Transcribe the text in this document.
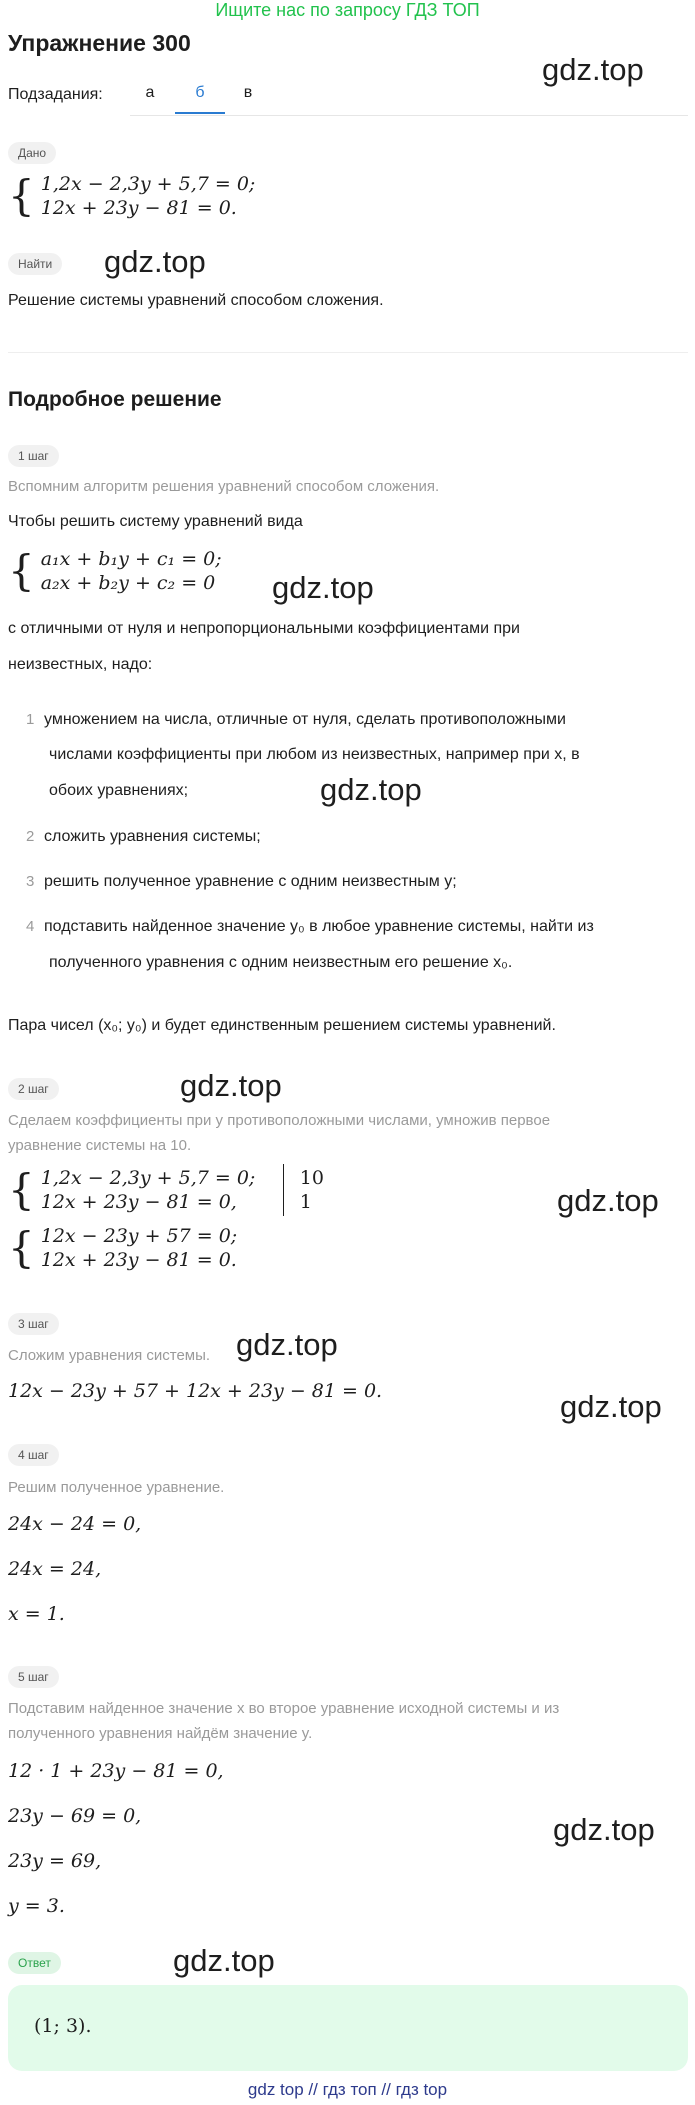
Ищите нас по запросу ГДЗ ТОП
Упражнение 300
gdz.top
Подзадания:	а	б	в
Дано
{ 1,2x − 2,3y + 5,7 = 0;
12x + 23y − 81 = 0.
Найти	gdz.top
Решение системы уравнений способом сложения.
Подробное решение
1 шаг
Вспомним алгоритм решения уравнений способом сложения.
Чтобы решить систему уравнений вида
{ a₁x + b₁y + c₁ = 0;
a₂x + b₂y + c₂ = 0 gdz.top
с отличными от нуля и непропорциональными коэффициентами при
неизвестных, надо:
1 умножением на числа, отличные от нуля, сделать противоположными
числами коэффициенты при любом из неизвестных, например при x, в
обоих уравнениях;	gdz.top
2 сложить уравнения системы;
3 решить полученное уравнение с одним неизвестным y;
4 подставить найденное значение y₀ в любое уравнение системы, найти из
полученного уравнения с одним неизвестным его решение x₀.
Пара чисел (x₀; y₀) и будет единственным решением системы уравнений.
2 шаг	gdz.top
Сделаем коэффициенты при y противоположными числами, умножив первое
уравнение системы на 10.
{ 1,2x − 2,3y + 5,7 = 0;
12x + 23y − 81 = 0,
10
1	gdz.top
{ 12x − 23y + 57 = 0;
12x + 23y − 81 = 0.
3 шаг
gdz.top
Сложим уравнения системы.
12x − 23y + 57 + 12x + 23y − 81 = 0.	gdz.top
4 шаг
Решим полученное уравнение.
24x − 24 = 0,
24x = 24,
x = 1.
5 шаг
Подставим найденное значение x во второе уравнение исходной системы и из
полученного уравнения найдём значение y.
12 · 1 + 23y − 81 = 0,
23y − 69 = 0,	gdz.top
23y = 69,
y = 3.
Ответ	gdz.top
(1; 3).
gdz top // гдз топ // гдз top
